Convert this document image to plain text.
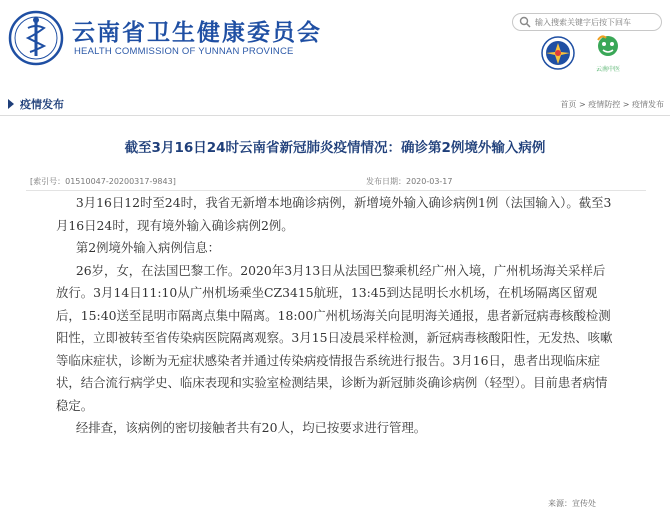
云南省卫生健康委员会
HEALTH COMMISSION OF YUNNAN PROVINCE
输入搜索关键字后按下回车
云南中医
疫情发布	首页 > 疫情防控 > 疫情发布
截至3月16日24时云南省新冠肺炎疫情情况：确诊第2例境外输入病例
[索引号：01510047-20200317-9843]	发布日期：2020-03-17

3月16日12时至24时，我省无新增本地确诊病例，新增境外输入确诊病例1例（法国输入）。截至3月16日24时，现有境外输入确诊病例2例。

第2例境外输入病例信息：

26岁，女，在法国巴黎工作。2020年3月13日从法国巴黎乘机经广州入境，广州机场海关采样后放行。3月14日11:10从广州机场乘坐CZ3415航班，13:45到达昆明长水机场，在机场隔离区留观后，15:40送至昆明市隔离点集中隔离。18:00广州机场海关向昆明海关通报，患者新冠病毒核酸检测阳性，立即被转至省传染病医院隔离观察。3月15日凌晨采样检测，新冠病毒核酸阳性，无发热、咳嗽等临床症状，诊断为无症状感染者并通过传染病疫情报告系统进行报告。3月16日，患者出现临床症状，结合流行病学史、临床表现和实验室检测结果，诊断为新冠肺炎确诊病例（轻型）。目前患者病情稳定。

经排查，该病例的密切接触者共有20人，均已按要求进行管理。

来源：宣传处
